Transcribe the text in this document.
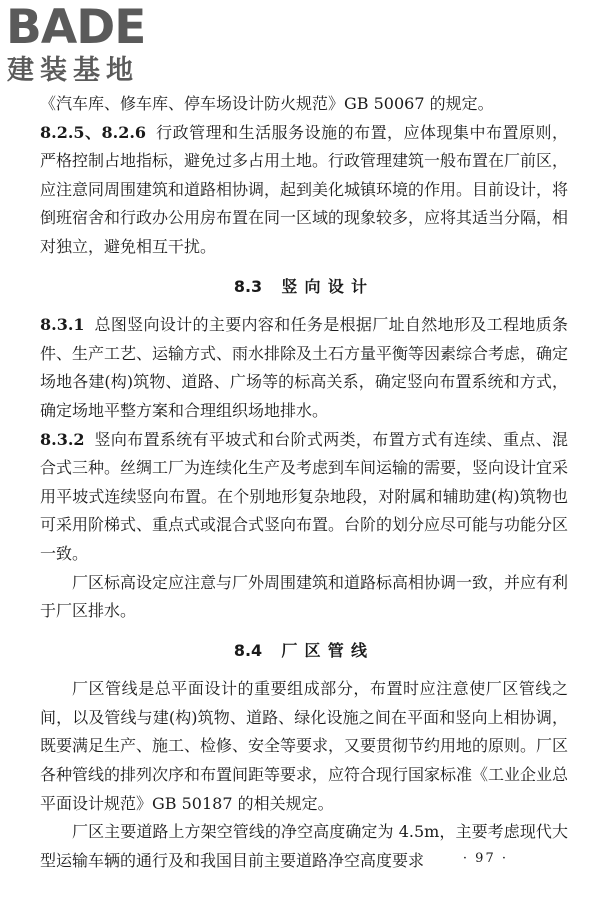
BADE
建装基地

《汽车库、修车库、停车场设计防火规范》GB 50067 的规定。

8.2.5、8.2.6 行政管理和生活服务设施的布置，应体现集中布置原则，严格控制占地指标，避免过多占用土地。行政管理建筑一般布置在厂前区，应注意同周围建筑和道路相协调，起到美化城镇环境的作用。目前设计，将倒班宿舍和行政办公用房布置在同一区域的现象较多，应将其适当分隔，相对独立，避免相互干扰。

8.3 竖向设计

8.3.1 总图竖向设计的主要内容和任务是根据厂址自然地形及工程地质条件、生产工艺、运输方式、雨水排除及土石方量平衡等因素综合考虑，确定场地各建(构)筑物、道路、广场等的标高关系，确定竖向布置系统和方式，确定场地平整方案和合理组织场地排水。

8.3.2 竖向布置系统有平坡式和台阶式两类，布置方式有连续、重点、混合式三种。丝绸工厂为连续化生产及考虑到车间运输的需要，竖向设计宜采用平坡式连续竖向布置。在个别地形复杂地段，对附属和辅助建(构)筑物也可采用阶梯式、重点式或混合式竖向布置。台阶的划分应尽可能与功能分区一致。

厂区标高设定应注意与厂外周围建筑和道路标高相协调一致，并应有利于厂区排水。

8.4 厂区管线

厂区管线是总平面设计的重要组成部分，布置时应注意使厂区管线之间，以及管线与建(构)筑物、道路、绿化设施之间在平面和竖向上相协调，既要满足生产、施工、检修、安全等要求，又要贯彻节约用地的原则。厂区各种管线的排列次序和布置间距等要求，应符合现行国家标准《工业企业总平面设计规范》GB 50187 的相关规定。

厂区主要道路上方架空管线的净空高度确定为 4.5m，主要考虑现代大型运输车辆的通行及和我国目前主要道路净空高度要求	· 97 ·
